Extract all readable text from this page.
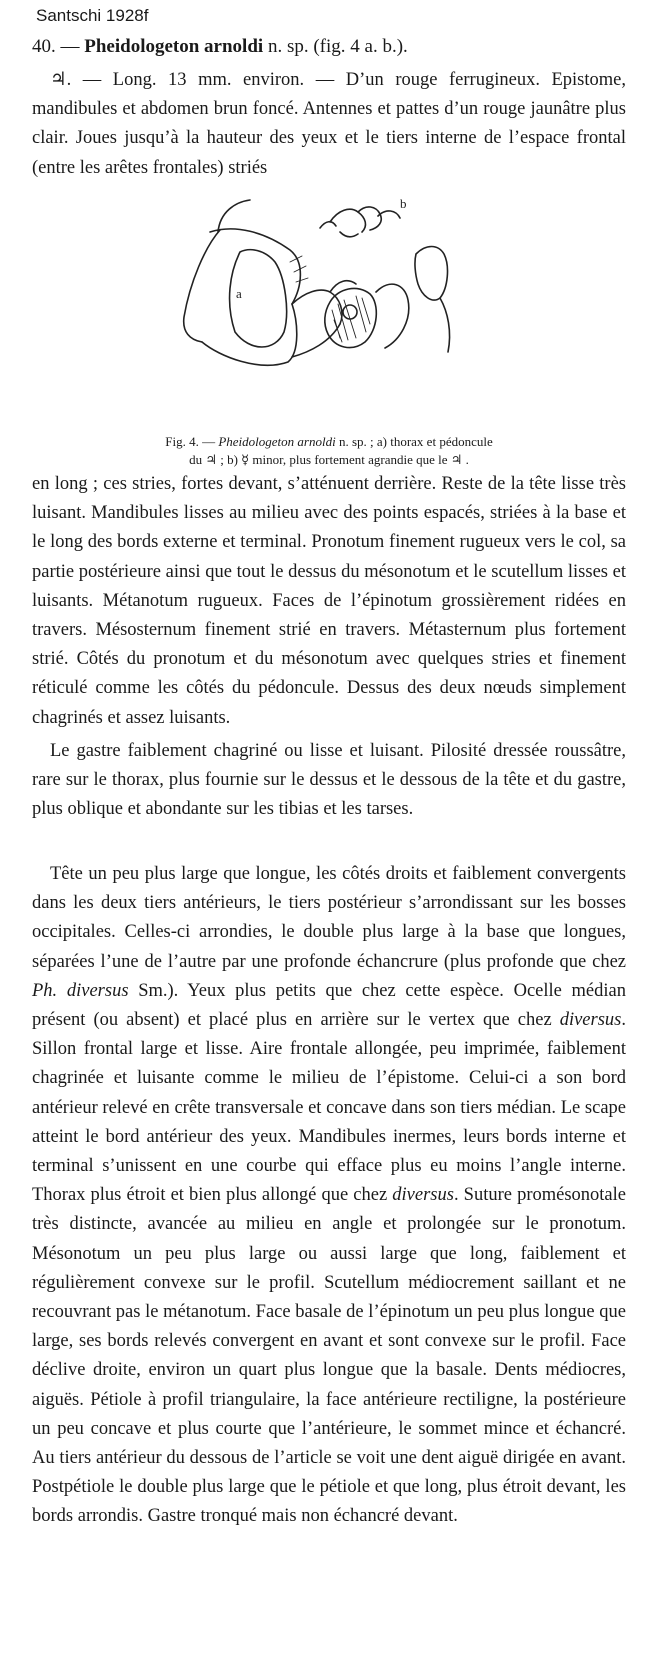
Santschi 1928f
40. — Pheidologeton arnoldi n. sp. (fig. 4 a. b.).

♃. — Long. 13 mm. environ. — D’un rouge ferrugineux. Epistome, mandibules et abdomen brun foncé. Antennes et pattes d’un rouge jaunâtre plus clair. Joues jusqu’à la hauteur des yeux et le tiers interne de l’espace frontal (entre les arêtes frontales) striés

a
b
Fig. 4. — Pheidologeton arnoldi n. sp. ; a) thorax et pédoncule
du ♃ ; b) ☿ minor, plus fortement agrandie que le ♃ .

en long ; ces stries, fortes devant, s’atténuent derrière. Reste de la tête lisse très luisant. Mandibules lisses au milieu avec des points espacés, striées à la base et le long des bords externe et terminal. Pronotum finement rugueux vers le col, sa partie postérieure ainsi que tout le dessus du mésonotum et le scutellum lisses et luisants. Métanotum rugueux. Faces de l’épinotum grossièrement ridées en travers. Mésosternum finement strié en travers. Métasternum plus fortement strié. Côtés du pronotum et du mésonotum avec quelques stries et finement réticulé comme les côtés du pédoncule. Dessus des deux nœuds simplement chagrinés et assez luisants.

Le gastre faiblement chagriné ou lisse et luisant. Pilosité dressée roussâtre, rare sur le thorax, plus fournie sur le dessus et le dessous de la tête et du gastre, plus oblique et abondante sur les tibias et les tarses.

Tête un peu plus large que longue, les côtés droits et faiblement convergents dans les deux tiers antérieurs, le tiers postérieur s’arrondissant sur les bosses occipitales. Celles-ci arrondies, le double plus large à la base que longues, séparées l’une de l’autre par une profonde échancrure (plus profonde que chez Ph. diversus Sm.). Yeux plus petits que chez cette espèce. Ocelle médian présent (ou absent) et placé plus en arrière sur le vertex que chez diversus. Sillon frontal large et lisse. Aire frontale allongée, peu imprimée, faiblement chagrinée et luisante comme le milieu de l’épistome. Celui-ci a son bord antérieur relevé en crête transversale et concave dans son tiers médian. Le scape atteint le bord antérieur des yeux. Mandibules inermes, leurs bords interne et terminal s’unissent en une courbe qui efface plus eu moins l’angle interne. Thorax plus étroit et bien plus allongé que chez diversus. Suture promésonotale très distincte, avancée au milieu en angle et prolongée sur le pronotum. Mésonotum un peu plus large ou aussi large que long, faiblement et régulièrement convexe sur le profil. Scutellum médiocrement saillant et ne recouvrant pas le métanotum. Face basale de l’épinotum un peu plus longue que large, ses bords relevés convergent en avant et sont convexe sur le profil. Face déclive droite, environ un quart plus longue que la basale. Dents médiocres, aiguës. Pétiole à profil triangulaire, la face antérieure rectiligne, la postérieure un peu concave et plus courte que l’antérieure, le sommet mince et échancré. Au tiers antérieur du dessous de l’article se voit une dent aiguë dirigée en avant. Postpétiole le double plus large que le pétiole et que long, plus étroit devant, les bords arrondis. Gastre tronqué mais non échancré devant.
